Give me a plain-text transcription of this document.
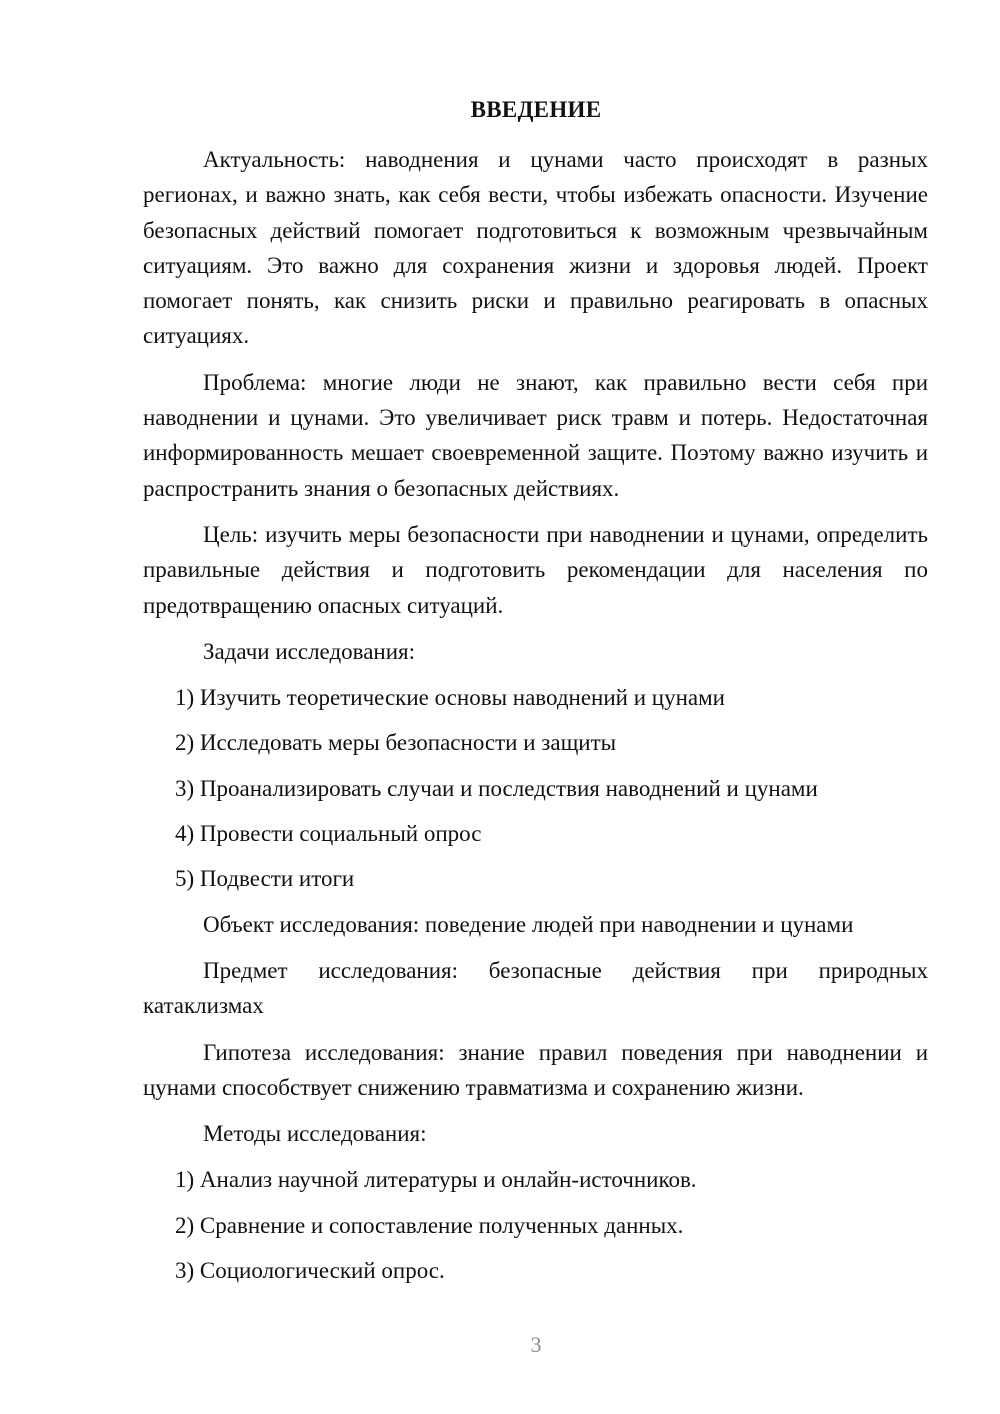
ВВЕДЕНИЕ

Актуальность: наводнения и цунами часто происходят в разных регионах, и важно знать, как себя вести, чтобы избежать опасности. Изучение безопасных действий помогает подготовиться к возможным чрезвычайным ситуациям. Это важно для сохранения жизни и здоровья людей. Проект помогает понять, как снизить риски и правильно реагировать в опасных ситуациях.

Проблема: многие люди не знают, как правильно вести себя при наводнении и цунами. Это увеличивает риск травм и потерь. Недостаточная информированность мешает своевременной защите. Поэтому важно изучить и распространить знания о безопасных действиях.

Цель: изучить меры безопасности при наводнении и цунами, определить правильные действия и подготовить рекомендации для населения по предотвращению опасных ситуаций.

Задачи исследования:

1) Изучить теоретические основы наводнений и цунами
2) Исследовать меры безопасности и защиты
3) Проанализировать случаи и последствия наводнений и цунами
4) Провести социальный опрос
5) Подвести итоги

Объект исследования: поведение людей при наводнении и цунами

Предмет исследования: безопасные действия при природных катаклизмах

Гипотеза исследования: знание правил поведения при наводнении и цунами способствует снижению травматизма и сохранению жизни.

Методы исследования:

1) Анализ научной литературы и онлайн-источников.
2) Сравнение и сопоставление полученных данных.
3) Социологический опрос.
3
